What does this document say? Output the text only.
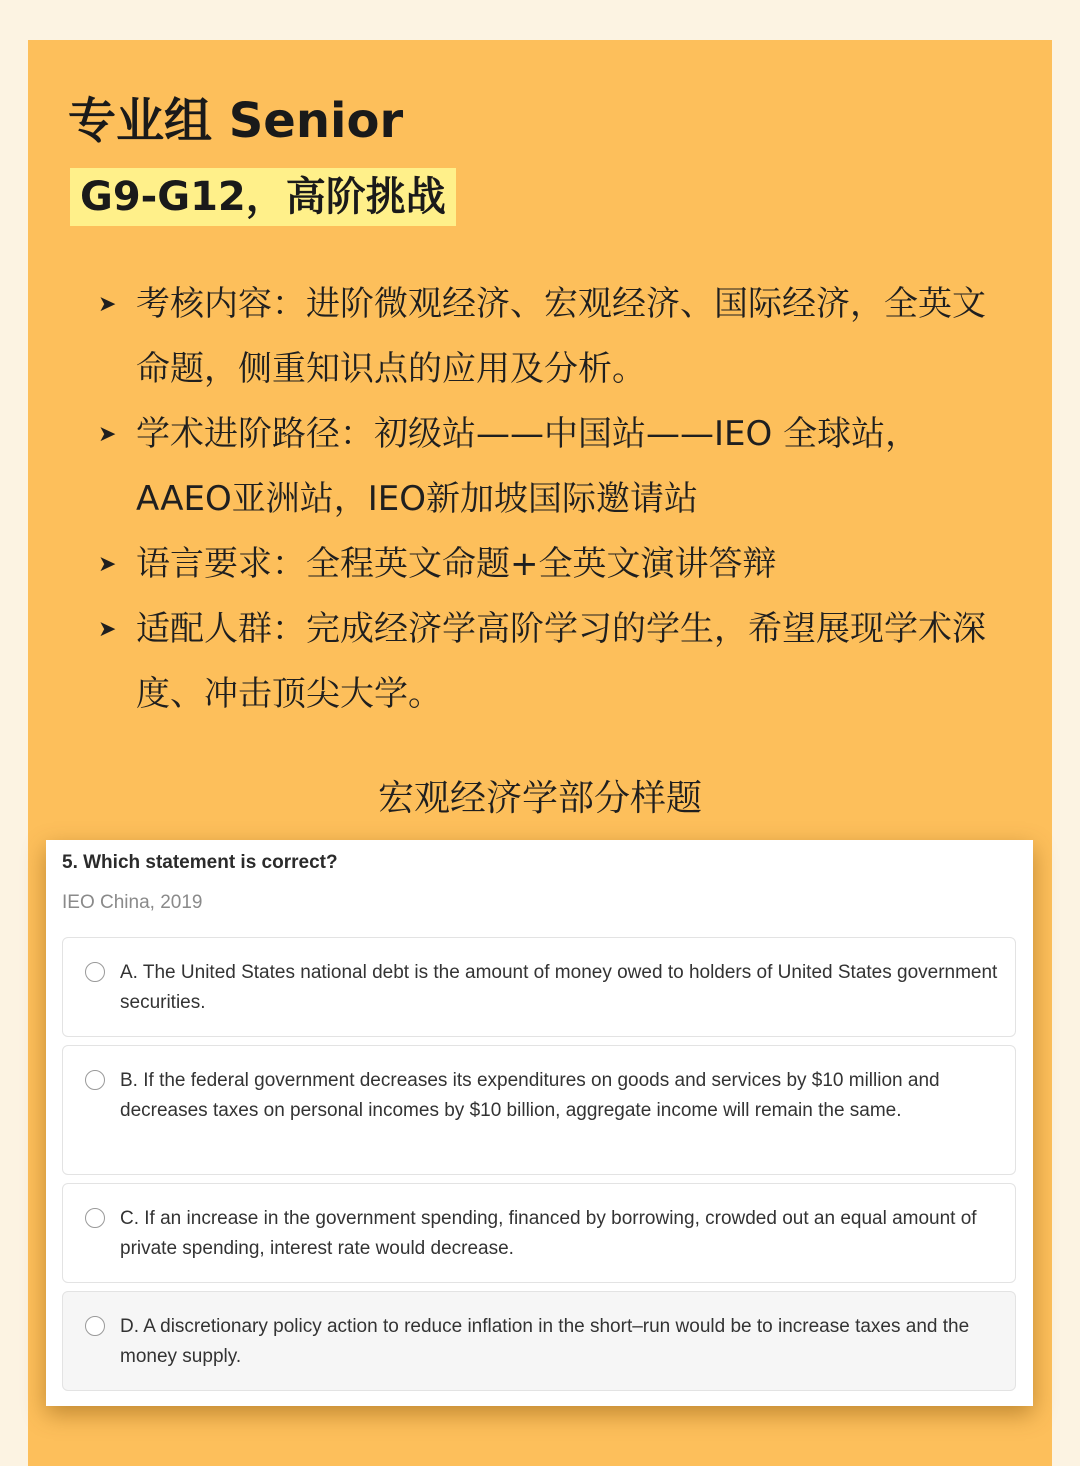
专业组 Senior
G9-G12，高阶挑战
➤ 考核内容：进阶微观经济、宏观经济、国际经济，全英文命题，侧重知识点的应用及分析。
➤ 学术进阶路径：初级站——中国站——IEO 全球站，AAEO亚洲站，IEO新加坡国际邀请站
➤ 语言要求：全程英文命题+全英文演讲答辩
➤ 适配人群：完成经济学高阶学习的学生，希望展现学术深度、冲击顶尖大学。
宏观经济学部分样题
5. Which statement is correct?
IEO China, 2019
A. The United States national debt is the amount of money owed to holders of United States government securities.
B. If the federal government decreases its expenditures on goods and services by $10 million and decreases taxes on personal incomes by $10 billion, aggregate income will remain the same.
C. If an increase in the government spending, financed by borrowing, crowded out an equal amount of private spending, interest rate would decrease.
D. A discretionary policy action to reduce inflation in the short–run would be to increase taxes and the money supply.
